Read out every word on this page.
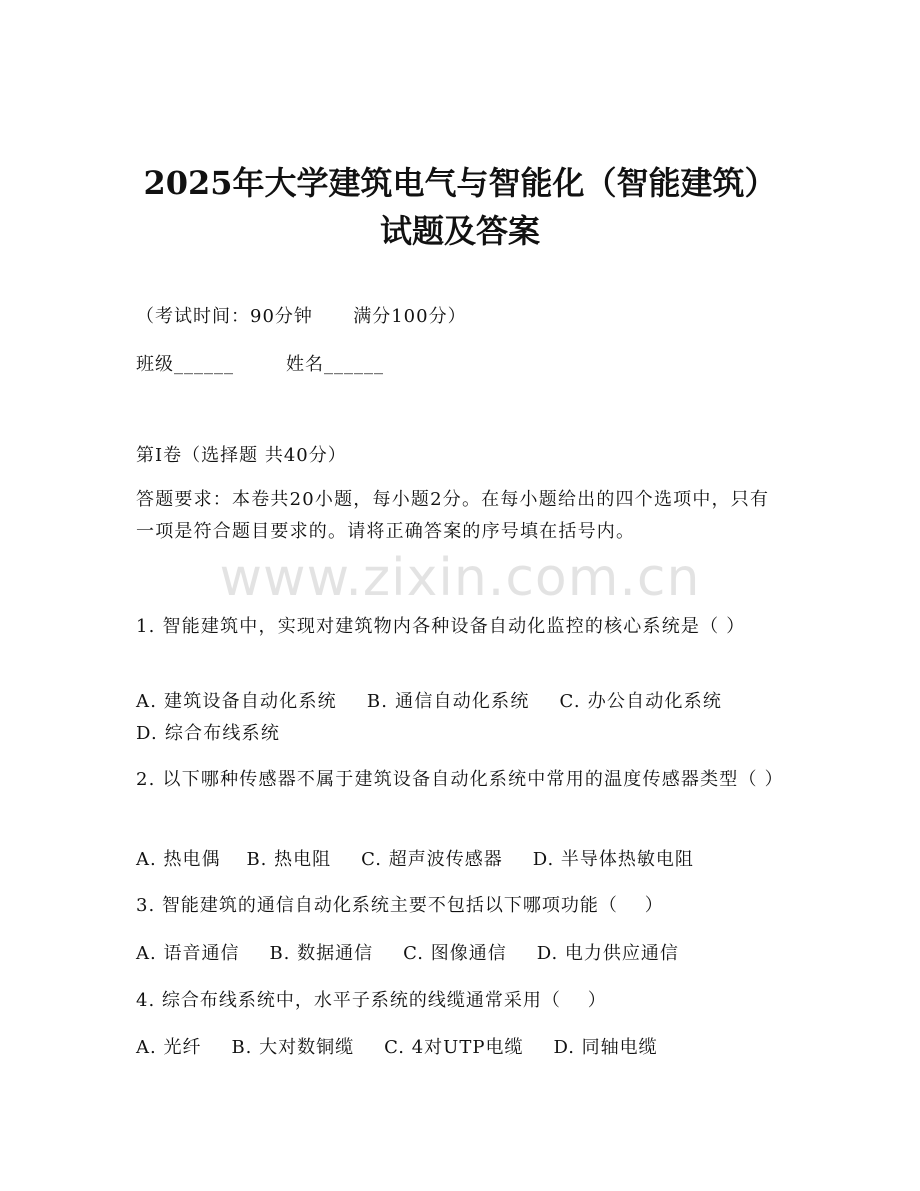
2025年大学建筑电气与智能化（智能建筑）
试题及答案
（考试时间：90分钟      满分100分）
班级______	姓名______
第I卷（选择题 共40分）
答题要求：本卷共20小题，每小题2分。在每小题给出的四个选项中，只有一项是符合题目要求的。请将正确答案的序号填在括号内。
www.zixin.com.cn
1. 智能建筑中，实现对建筑物内各种设备自动化监控的核心系统是（ ）
A. 建筑设备自动化系统 B. 通信自动化系统 C. 办公自动化系统 D. 综合布线系统
2. 以下哪种传感器不属于建筑设备自动化系统中常用的温度传感器类型（ ）
A. 热电偶 B. 热电阻 C. 超声波传感器 D. 半导体热敏电阻
3. 智能建筑的通信自动化系统主要不包括以下哪项功能（    ）
A. 语音通信 B. 数据通信 C. 图像通信 D. 电力供应通信
4. 综合布线系统中，水平子系统的线缆通常采用（    ）
A. 光纤 B. 大对数铜缆 C. 4对UTP电缆 D. 同轴电缆
